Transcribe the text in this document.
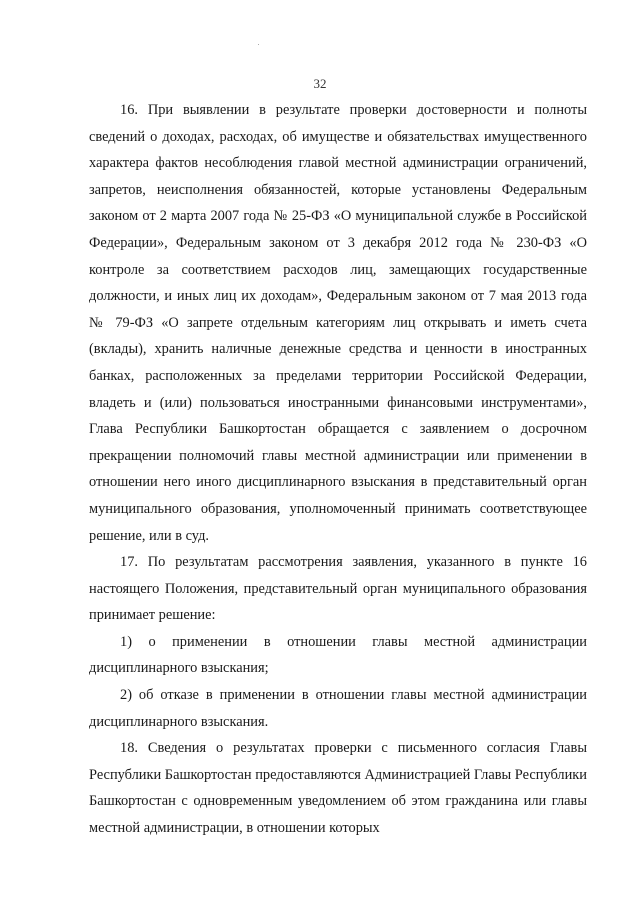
32

16. При выявлении в результате проверки достоверности и полноты сведений о доходах, расходах, об имуществе и обязательствах имущественного характера фактов несоблюдения главой местной администрации ограничений, запретов, неисполнения обязанностей, которые установлены Федеральным законом от 2 марта 2007 года № 25-ФЗ «О муниципальной службе в Российской Федерации», Федеральным законом от 3 декабря 2012 года № 230-ФЗ «О контроле за соответствием расходов лиц, замещающих государственные должности, и иных лиц их доходам», Федеральным законом от 7 мая 2013 года № 79-ФЗ «О запрете отдельным категориям лиц открывать и иметь счета (вклады), хранить наличные денежные средства и ценности в иностранных банках, расположенных за пределами территории Российской Федерации, владеть и (или) пользоваться иностранными финансовыми инструментами», Глава Республики Башкортостан обращается с заявлением о досрочном прекращении полномочий главы местной администрации или применении в отношении него иного дисциплинарного взыскания в представительный орган муниципального образования, уполномоченный принимать соответствующее решение, или в суд.

17. По результатам рассмотрения заявления, указанного в пункте 16 настоящего Положения, представительный орган муниципального образования принимает решение:

1) о применении в отношении главы местной администрации дисциплинарного взыскания;

2) об отказе в применении в отношении главы местной администрации дисциплинарного взыскания.

18. Сведения о результатах проверки с письменного согласия Главы Республики Башкортостан предоставляются Администрацией Главы Республики Башкортостан с одновременным уведомлением об этом гражданина или главы местной администрации, в отношении которых
